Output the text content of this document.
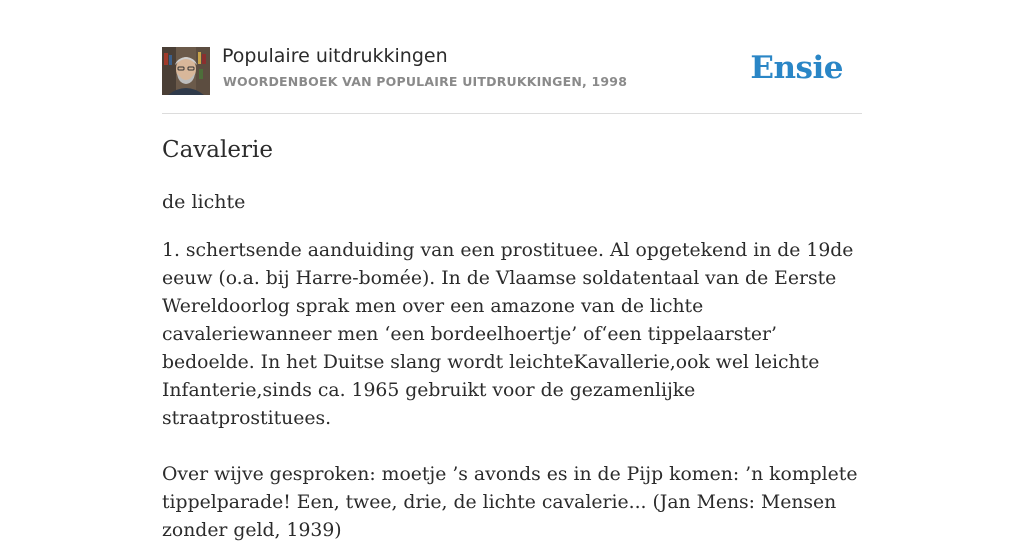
Populaire uitdrukkingen
WOORDENBOEK VAN POPULAIRE UITDRUKKINGEN, 1998	Ensie
Cavalerie
de lichte

1. schertsende aanduiding van een prostituee. Al opgetekend in de 19de eeuw (o.a. bij Harre-bomée). In de Vlaamse soldatentaal van de Eerste Wereldoorlog sprak men over een amazone van de lichte cavaleriewanneer men ‘een bordeelhoertje’ of‘een tippelaarster’ bedoelde. In het Duitse slang wordt leichteKavallerie,ook wel leichte Infanterie,sinds ca. 1965 gebruikt voor de gezamenlijke straatprostituees.

Over wijve gesproken: moetje ’s avonds es in de Pijp komen: ’n komplete tippelparade! Een, twee, drie, de lichte cavalerie... (Jan Mens: Mensen zonder geld, 1939)
